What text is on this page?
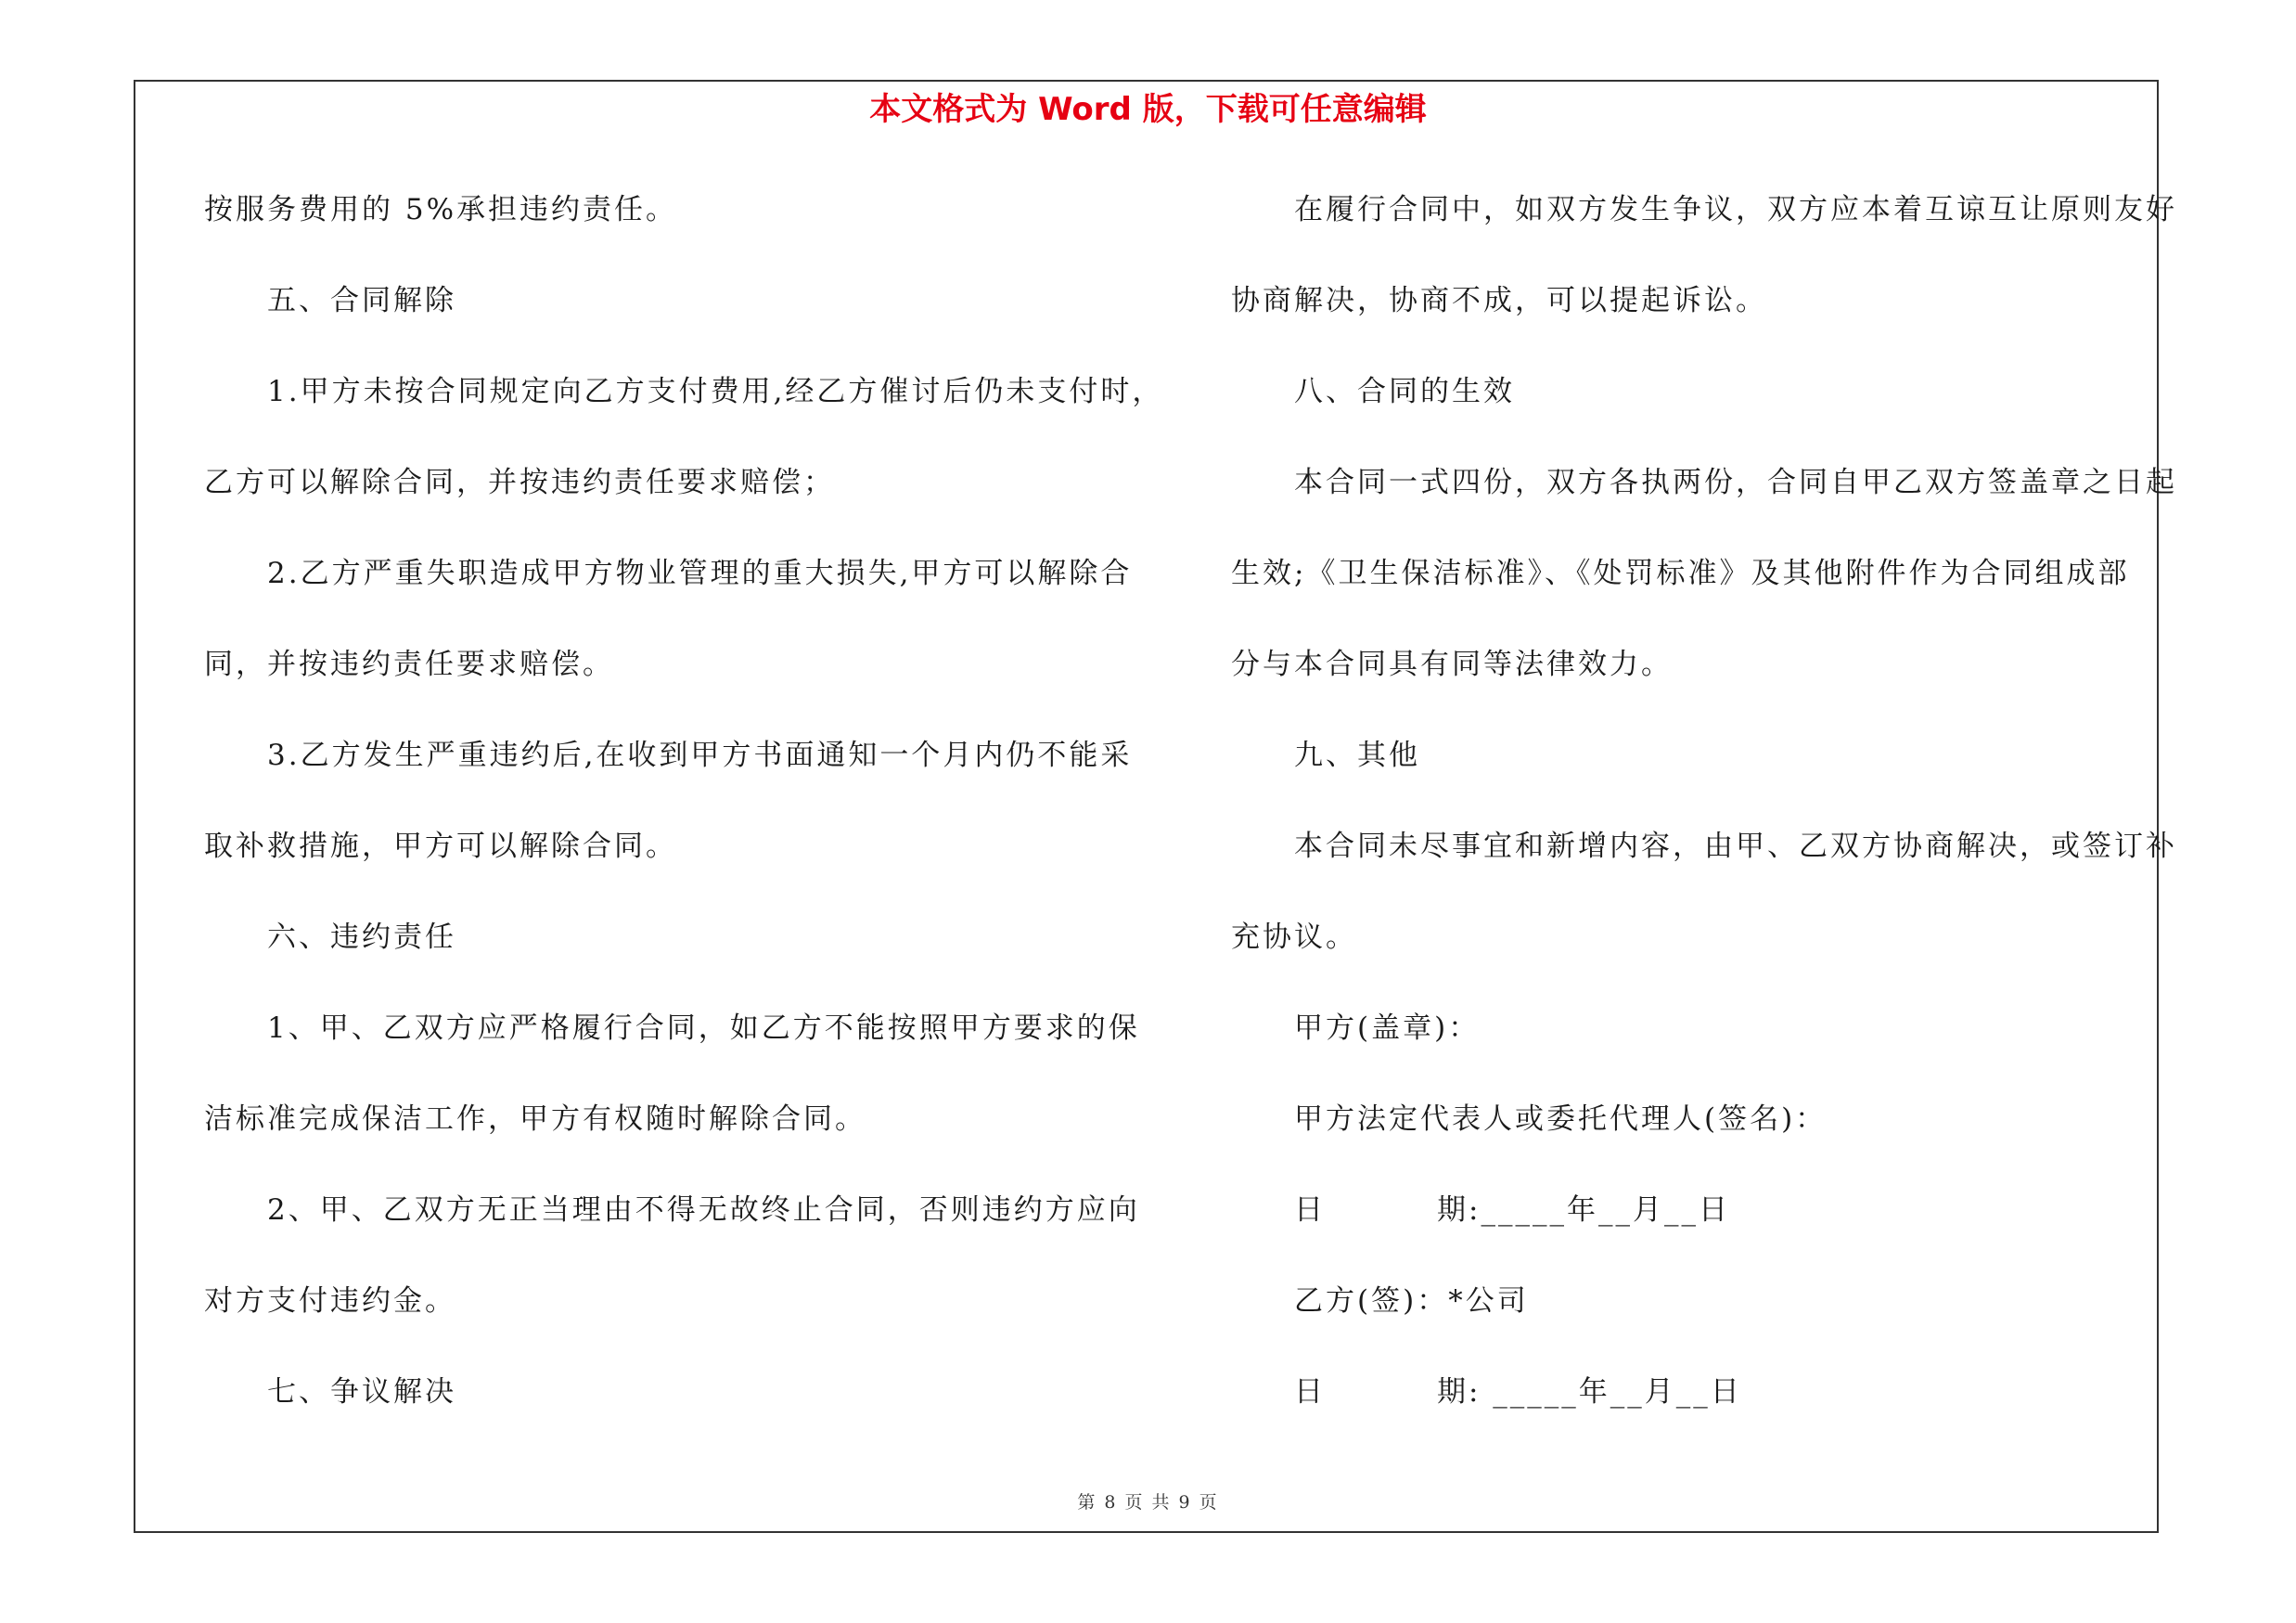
本文格式为 Word 版，下载可任意编辑
按服务费用的 5%承担违约责任。
五、合同解除
1.甲方未按合同规定向乙方支付费用,经乙方催讨后仍未支付时，
乙方可以解除合同，并按违约责任要求赔偿；
2.乙方严重失职造成甲方物业管理的重大损失,甲方可以解除合
同，并按违约责任要求赔偿。
3.乙方发生严重违约后,在收到甲方书面通知一个月内仍不能采
取补救措施，甲方可以解除合同。
六、违约责任
1、甲、乙双方应严格履行合同，如乙方不能按照甲方要求的保
洁标准完成保洁工作，甲方有权随时解除合同。
2、甲、乙双方无正当理由不得无故终止合同，否则违约方应向
对方支付违约金。
七、争议解决
在履行合同中，如双方发生争议，双方应本着互谅互让原则友好
协商解决，协商不成，可以提起诉讼。
八、合同的生效
本合同一式四份，双方各执两份，合同自甲乙双方签盖章之日起
生效;《卫生保洁标准》、《处罚标准》及其他附件作为合同组成部
分与本合同具有同等法律效力。
九、其他
本合同未尽事宜和新增内容，由甲、乙双方协商解决，或签订补
充协议。
甲方(盖章)：
甲方法定代表人或委托代理人(签名)：
日	期:_____年__月__日
乙方(签)：*公司
日	期: _____年__月__日
第 8 页 共 9 页
